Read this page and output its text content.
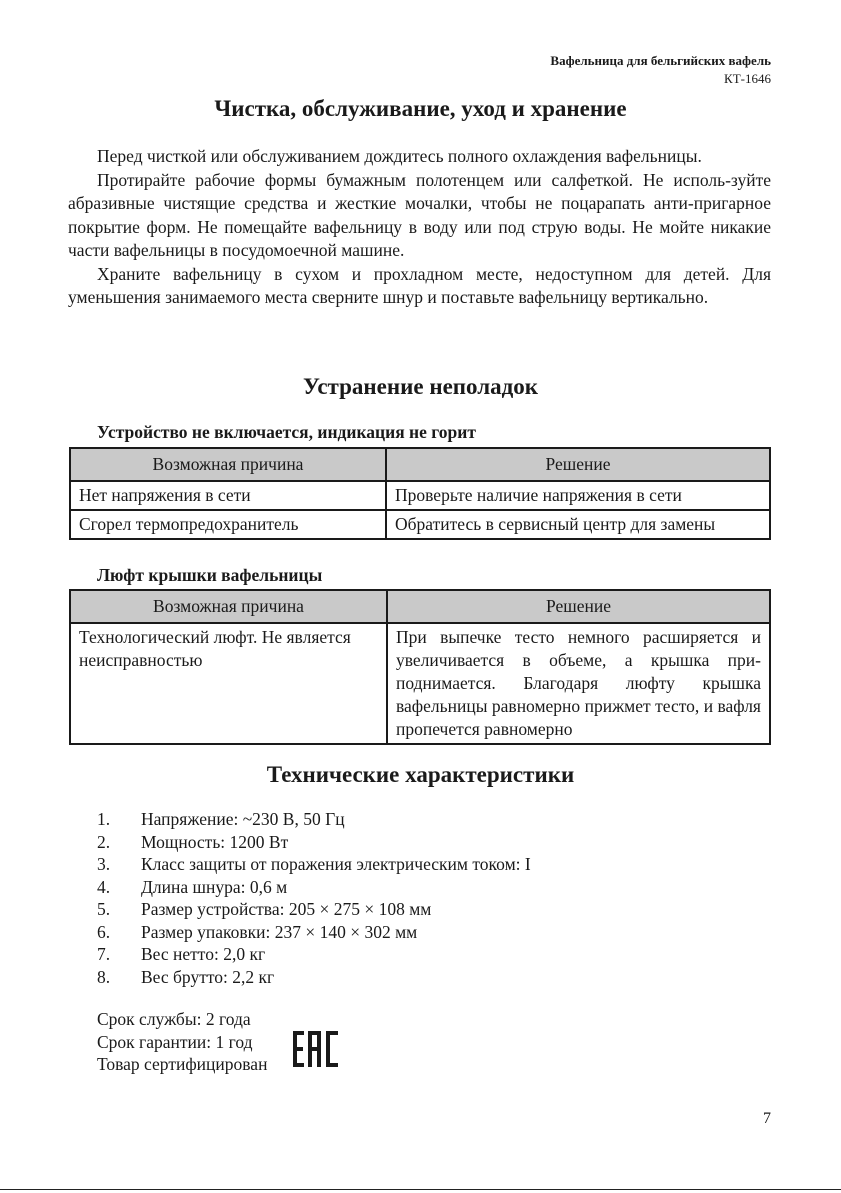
Вафельница для бельгийских вафель
КТ-1646
Чистка, обслуживание, уход и хранение

Перед чисткой или обслуживанием дождитесь полного охлаждения вафельницы.

Протирайте рабочие формы бумажным полотенцем или салфеткой. Не исполь-зуйте абразивные чистящие средства и жесткие мочалки, чтобы не поцарапать анти-пригарное покрытие форм. Не помещайте вафельницу в воду или под струю воды. Не мойте никакие части вафельницы в посудомоечной машине.

Храните вафельницу в сухом и прохладном месте, недоступном для детей. Для уменьшения занимаемого места сверните шнур и поставьте вафельницу вертикально.

Устранение неполадок
Устройство не включается, индикация не горит
Возможная причина	Решение
Нет напряжения в сети	Проверьте наличие напряжения в сети
Сгорел термопредохранитель	Обратитесь в сервисный центр для замены
Люфт крышки вафельницы
Возможная причина	Решение
Технологический люфт. Не является неисправностью	При выпечке тесто немного расширяется и увеличивается в объеме, а крышка при-поднимается. Благодаря люфту крышка вафельницы равномерно прижмет тесто, и вафля пропечется равномерно
Технические характеристики
1.	Напряжение: ~230 В, 50 Гц
2.	Мощность: 1200 Вт
3.	Класс защиты от поражения электрическим током: I
4.	Длина шнура: 0,6 м
5.	Размер устройства: 205 × 275 × 108 мм
6.	Размер упаковки: 237 × 140 × 302 мм
7.	Вес нетто: 2,0 кг
8.	Вес брутто: 2,2 кг
Срок службы: 2 года
Срок гарантии: 1 год
Товар сертифицирован
7
